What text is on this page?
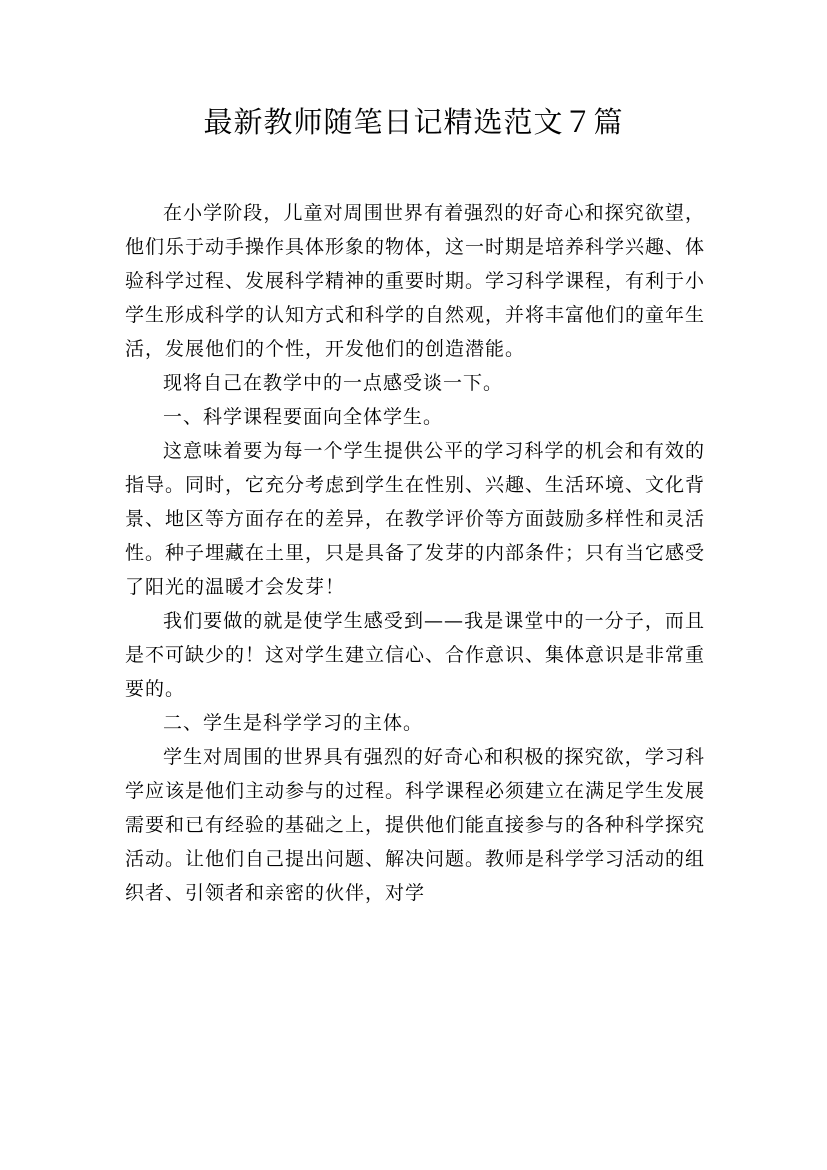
最新教师随笔日记精选范文７篇

在小学阶段，儿童对周围世界有着强烈的好奇心和探究欲望，他们乐于动手操作具体形象的物体，这一时期是培养科学兴趣、体验科学过程、发展科学精神的重要时期。学习科学课程，有利于小学生形成科学的认知方式和科学的自然观，并将丰富他们的童年生活，发展他们的个性，开发他们的创造潜能。

现将自己在教学中的一点感受谈一下。

一、科学课程要面向全体学生。

这意味着要为每一个学生提供公平的学习科学的机会和有效的指导。同时，它充分考虑到学生在性别、兴趣、生活环境、文化背景、地区等方面存在的差异，在教学评价等方面鼓励多样性和灵活性。种子埋藏在土里，只是具备了发芽的内部条件；只有当它感受了阳光的温暖才会发芽！

我们要做的就是使学生感受到——我是课堂中的一分子，而且是不可缺少的！这对学生建立信心、合作意识、集体意识是非常重要的。

二、学生是科学学习的主体。

学生对周围的世界具有强烈的好奇心和积极的探究欲，学习科学应该是他们主动参与的过程。科学课程必须建立在满足学生发展需要和已有经验的基础之上，提供他们能直接参与的各种科学探究活动。让他们自己提出问题、解决问题。教师是科学学习活动的组织者、引领者和亲密的伙伴，对学
